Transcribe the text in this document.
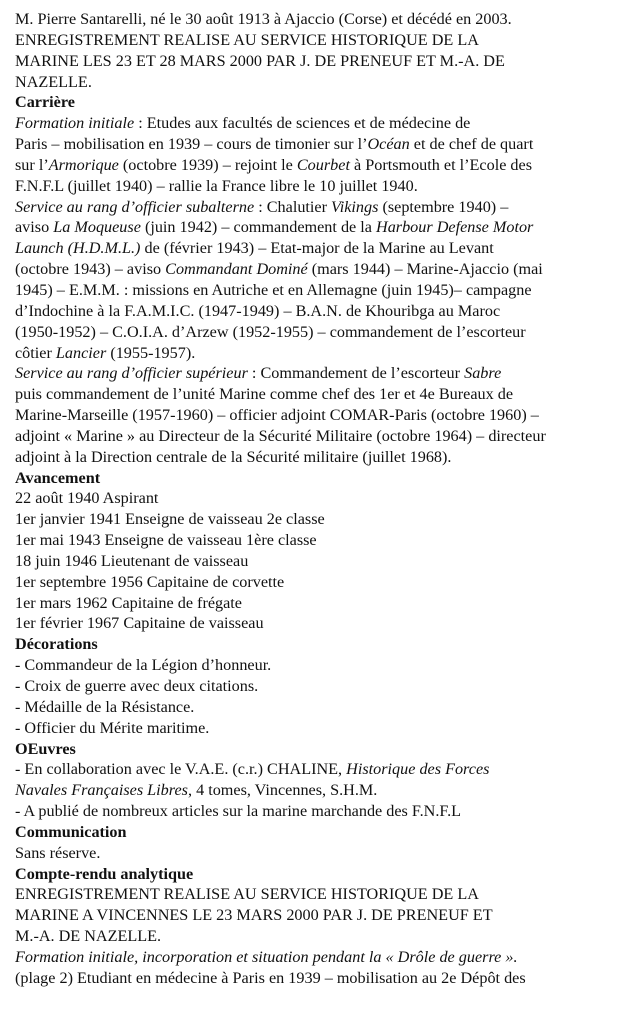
M. Pierre Santarelli, né le 30 août 1913 à Ajaccio (Corse) et décédé en 2003.
ENREGISTREMENT REALISE AU SERVICE HISTORIQUE DE LA
MARINE LES 23 ET 28 MARS 2000 PAR J. DE PRENEUF ET M.-A. DE
NAZELLE.
Carrière
Formation initiale : Etudes aux facultés de sciences et de médecine de
Paris – mobilisation en 1939 – cours de timonier sur l’Océan et de chef de quart
sur l’Armorique (octobre 1939) – rejoint le Courbet à Portsmouth et l’Ecole des
F.N.F.L (juillet 1940) – rallie la France libre le 10 juillet 1940.
Service au rang d’officier subalterne : Chalutier Vikings (septembre 1940) –
aviso La Moqueuse (juin 1942) – commandement de la Harbour Defense Motor
Launch (H.D.M.L.) de (février 1943) – Etat-major de la Marine au Levant
(octobre 1943) – aviso Commandant Dominé (mars 1944) – Marine-Ajaccio (mai
1945) – E.M.M. : missions en Autriche et en Allemagne (juin 1945)– campagne
d’Indochine à la F.A.M.I.C. (1947-1949) – B.A.N. de Khouribga au Maroc
(1950-1952) – C.O.I.A. d’Arzew (1952-1955) – commandement de l’escorteur
côtier Lancier (1955-1957).
Service au rang d’officier supérieur : Commandement de l’escorteur Sabre
puis commandement de l’unité Marine comme chef des 1er et 4e Bureaux de
Marine-Marseille (1957-1960) – officier adjoint COMAR-Paris (octobre 1960) –
adjoint « Marine » au Directeur de la Sécurité Militaire (octobre 1964) – directeur
adjoint à la Direction centrale de la Sécurité militaire (juillet 1968).
Avancement
22 août 1940 Aspirant
1er janvier 1941 Enseigne de vaisseau 2e classe
1er mai 1943 Enseigne de vaisseau 1ère classe
18 juin 1946 Lieutenant de vaisseau
1er septembre 1956 Capitaine de corvette
1er mars 1962 Capitaine de frégate
1er février 1967 Capitaine de vaisseau
Décorations
- Commandeur de la Légion d’honneur.
- Croix de guerre avec deux citations.
- Médaille de la Résistance.
- Officier du Mérite maritime.
OEuvres
- En collaboration avec le V.A.E. (c.r.) CHALINE, Historique des Forces
Navales Françaises Libres, 4 tomes, Vincennes, S.H.M.
- A publié de nombreux articles sur la marine marchande des F.N.F.L
Communication
Sans réserve.
Compte-rendu analytique
ENREGISTREMENT REALISE AU SERVICE HISTORIQUE DE LA
MARINE A VINCENNES LE 23 MARS 2000 PAR J. DE PRENEUF ET
M.-A. DE NAZELLE.
Formation initiale, incorporation et situation pendant la « Drôle de guerre ».
(plage 2) Etudiant en médecine à Paris en 1939 – mobilisation au 2e Dépôt des
